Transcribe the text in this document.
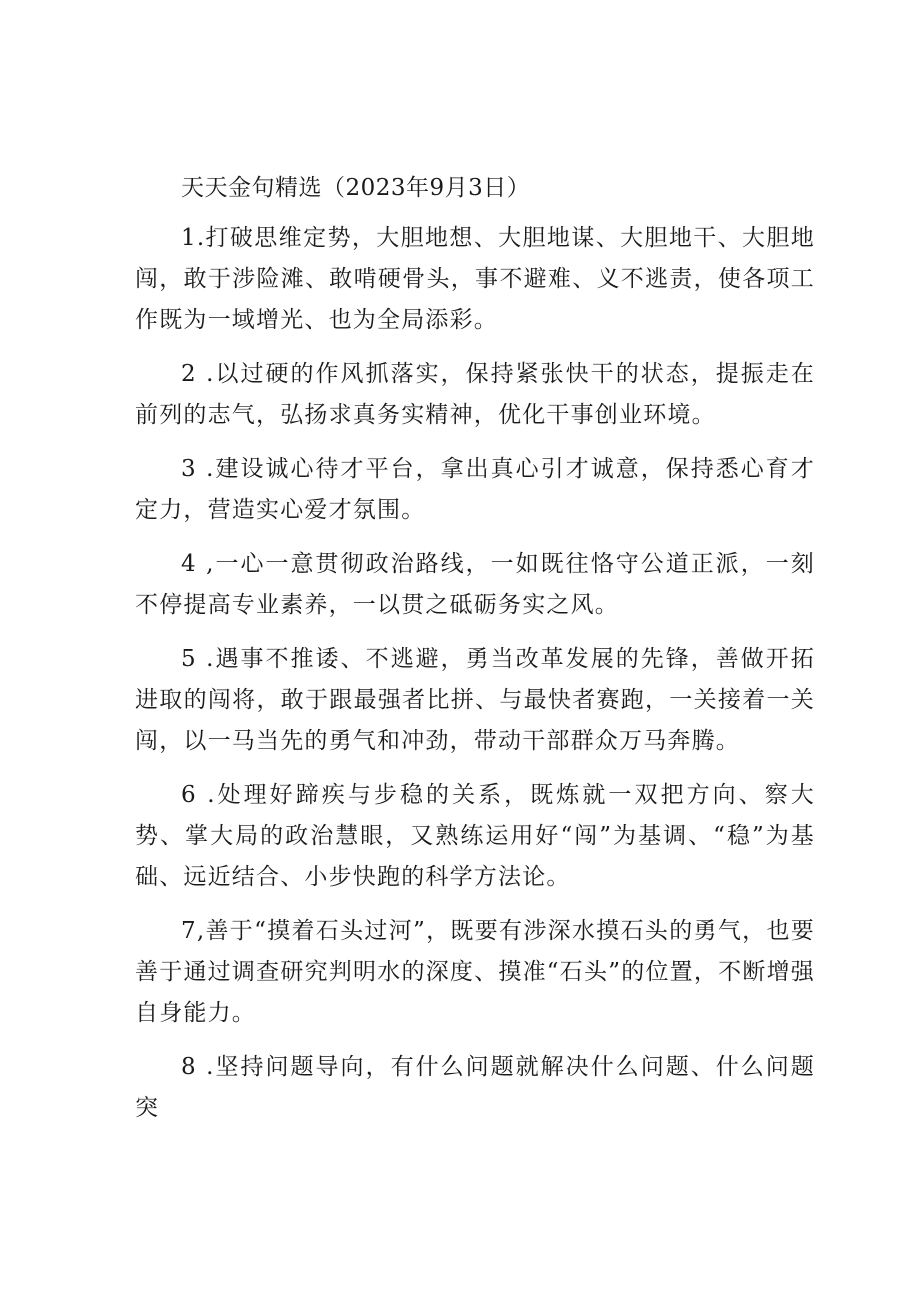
天天金句精选（2023年9月3日）

1.打破思维定势，大胆地想、大胆地谋、大胆地干、大胆地闯，敢于涉险滩、敢啃硬骨头，事不避难、义不逃责，使各项工作既为一域增光、也为全局添彩。

2 .以过硬的作风抓落实，保持紧张快干的状态，提振走在前列的志气，弘扬求真务实精神，优化干事创业环境。

3 .建设诚心待才平台，拿出真心引才诚意，保持悉心育才定力，营造实心爱才氛围。

4 ,一心一意贯彻政治路线，一如既往恪守公道正派，一刻不停提高专业素养，一以贯之砥砺务实之风。

5 .遇事不推诿、不逃避，勇当改革发展的先锋，善做开拓进取的闯将，敢于跟最强者比拼、与最快者赛跑，一关接着一关闯，以一马当先的勇气和冲劲，带动干部群众万马奔腾。

6 .处理好蹄疾与步稳的关系，既炼就一双把方向、察大势、掌大局的政治慧眼，又熟练运用好“闯”为基调、“稳”为基础、远近结合、小步快跑的科学方法论。

7,善于“摸着石头过河”，既要有涉深水摸石头的勇气，也要善于通过调查研究判明水的深度、摸准“石头”的位置，不断增强自身能力。

8 .坚持问题导向，有什么问题就解决什么问题、什么问题突
